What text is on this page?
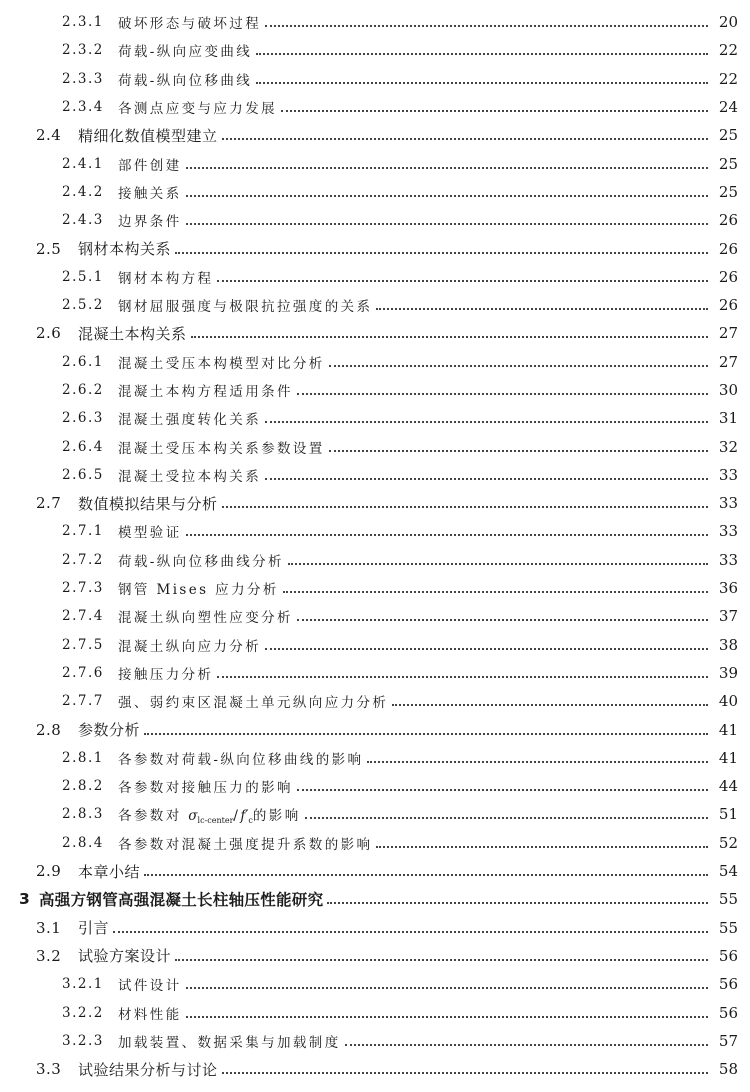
2.3.1	破坏形态与破坏过程	20
2.3.2	荷载-纵向应变曲线	22
2.3.3	荷载-纵向位移曲线	22
2.3.4	各测点应变与应力发展	24
2.4	精细化数值模型建立	25
2.4.1	部件创建	25
2.4.2	接触关系	25
2.4.3	边界条件	26
2.5	钢材本构关系	26
2.5.1	钢材本构方程	26
2.5.2	钢材屈服强度与极限抗拉强度的关系	26
2.6	混凝土本构关系	27
2.6.1	混凝土受压本构模型对比分析	27
2.6.2	混凝土本构方程适用条件	30
2.6.3	混凝土强度转化关系	31
2.6.4	混凝土受压本构关系参数设置	32
2.6.5	混凝土受拉本构关系	33
2.7	数值模拟结果与分析	33
2.7.1	模型验证	33
2.7.2	荷载-纵向位移曲线分析	33
2.7.3	钢管 Mises 应力分析	36
2.7.4	混凝土纵向塑性应变分析	37
2.7.5	混凝土纵向应力分析	38
2.7.6	接触压力分析	39
2.7.7	强、弱约束区混凝土单元纵向应力分析	40
2.8	参数分析	41
2.8.1	各参数对荷载-纵向位移曲线的影响	41
2.8.2	各参数对接触压力的影响	44
2.8.3	各参数对 $\sigma_{lc-center}/f'_c$的影响	51
2.8.4	各参数对混凝土强度提升系数的影响	52
2.9	本章小结	54
3 高强方钢管高强混凝土长柱轴压性能研究	55
3.1	引言	55
3.2	试验方案设计	56
3.2.1	试件设计	56
3.2.2	材料性能	56
3.2.3	加载装置、数据采集与加载制度	57
3.3	试验结果分析与讨论	58
